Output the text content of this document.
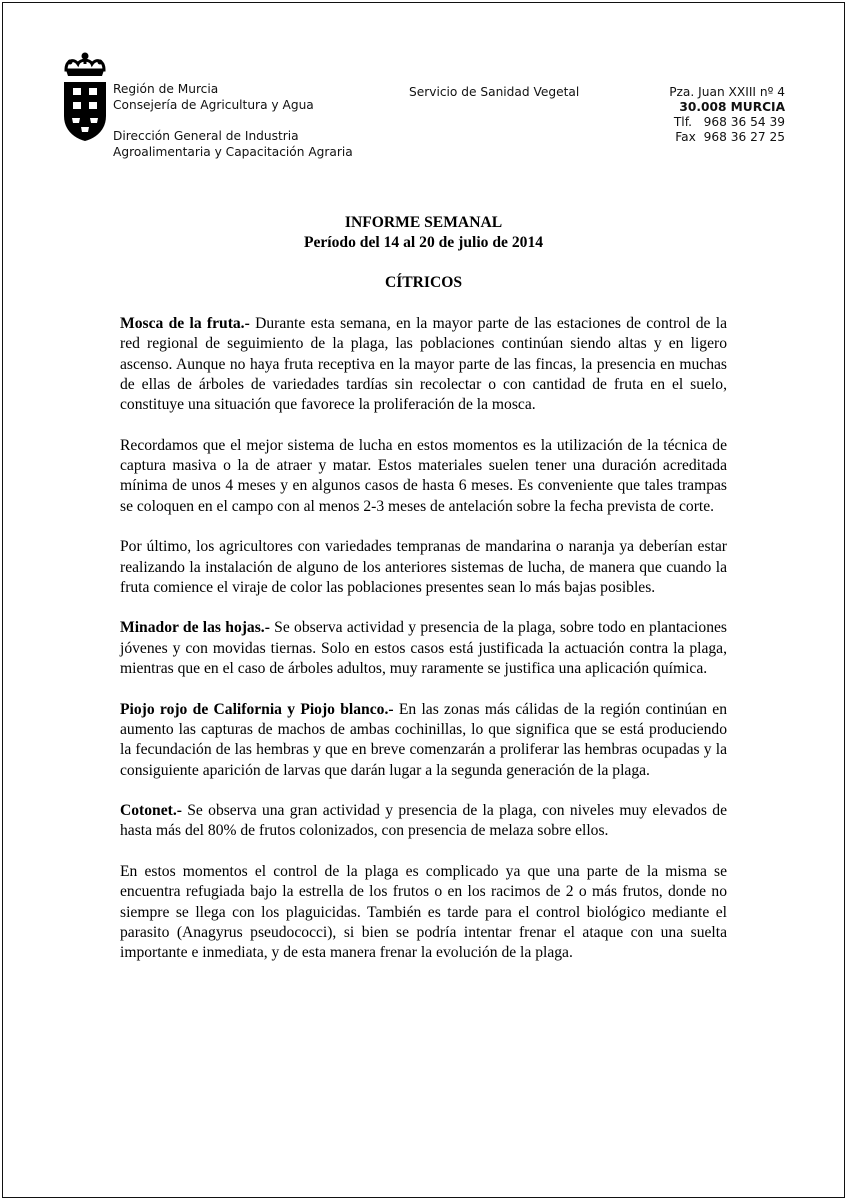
Región de Murcia
Consejería de Agricultura y Agua
Dirección General de Industria
Agroalimentaria y Capacitación Agraria
Servicio de Sanidad Vegetal	Pza. Juan XXIII nº 4
30.008 MURCIA
Tlf.   968 36 54 39
Fax  968 36 27 25
INFORME SEMANAL
Período del 14 al 20 de julio de 2014
CÍTRICOS

Mosca de la fruta.- Durante esta semana, en la mayor parte de las estaciones de control de la red regional de seguimiento de la plaga, las poblaciones continúan siendo altas y en ligero ascenso. Aunque no haya fruta receptiva en la mayor parte de las fincas, la presencia en muchas de ellas de árboles de variedades tardías sin recolectar o con cantidad de fruta en el suelo, constituye una situación que favorece la proliferación de la mosca.

Recordamos que el mejor sistema de lucha en estos momentos es la utilización de la técnica de captura masiva o la de atraer y matar. Estos materiales suelen tener una duración acreditada mínima de unos 4 meses y en algunos casos de hasta 6 meses. Es conveniente que tales trampas se coloquen en el campo con al menos 2-3 meses de antelación sobre la fecha prevista de corte.

Por último, los agricultores con variedades tempranas de mandarina o naranja ya deberían estar realizando la instalación de alguno de los anteriores sistemas de lucha, de manera que cuando la fruta comience el viraje de color las poblaciones presentes sean lo más bajas posibles.

Minador de las hojas.- Se observa actividad y presencia de la plaga, sobre todo en plantaciones jóvenes y con movidas tiernas. Solo en estos casos está justificada la actuación contra la plaga, mientras que en el caso de árboles adultos, muy raramente se justifica una aplicación química.

Piojo rojo de California y Piojo blanco.- En las zonas más cálidas de la región continúan en aumento las capturas de machos de ambas cochinillas, lo que significa que se está produciendo la fecundación de las hembras y que en breve comenzarán a proliferar las hembras ocupadas y la consiguiente aparición de larvas que darán lugar a la segunda generación de la plaga.

Cotonet.- Se observa una gran actividad y presencia de la plaga, con niveles muy elevados de hasta más del 80% de frutos colonizados, con presencia de melaza sobre ellos.

En estos momentos el control de la plaga es complicado ya que una parte de la misma se encuentra refugiada bajo la estrella de los frutos o en los racimos de 2 o más frutos, donde no siempre se llega con los plaguicidas. También es tarde para el control biológico mediante el parasito (Anagyrus pseudococci), si bien se podría intentar frenar el ataque con una suelta importante e inmediata, y de esta manera frenar la evolución de la plaga.
